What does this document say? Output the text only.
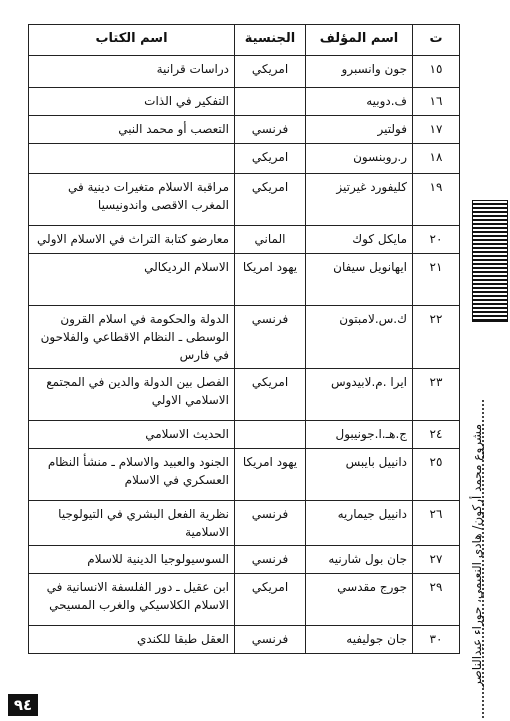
ت	اسم المؤلف	الجنسية	اسم الكتاب
١٥	جون وانسبرو	امريكي	دراسات قرانية
١٦	ف.دوبيه		التفكير في الذات
١٧	فولتير	فرنسي	التعصب أو محمد النبي
١٨	ر.روبنسون	امريكي	
١٩	كليفورد غيرتيز	امريكي	مراقبة الاسلام متغيرات دينية في المغرب الاقصى واندونيسيا
٢٠	مايكل كوك	الماني	معارضو كتابة التراث في الاسلام الاولي
٢١	ايهانويل سيفان	يهود امريكا	الاسلام الرديكالي
٢٢	ك.س.لامبتون	فرنسي	الدولة والحكومة في اسلام القرون الوسطى ـ النظام الاقطاعي والفلاحون في فارس
٢٣	ايرا .م.لابيدوس	امريكي	الفصل بين الدولة والدين في المجتمع الاسلامي الاولي
٢٤	ج.هـ.ا.جونيبول		الحديث الاسلامي
٢٥	دانييل بايبس	يهود امريكا	الجنود والعبيد والاسلام ـ منشأ النظام العسكري في الاسلام
٢٦	دانييل جيماريه	فرنسي	نظرية الفعل البشري في التيولوجيا الاسلامية
٢٧	جان بول شارنيه	فرنسي	السوسيولوجيا الدينية للاسلام
٢٩	جورج مقدسي	امريكي	ابن عقيل ـ دور الفلسفة الانسانية في الاسلام الكلاسيكي والغرب المسيحي
٣٠	جان جوليفيه	فرنسي	العقل طبقا للكندي	مشروع محمد أركون/ هادي النعيمي، حوراء عبدالناصر
٩٤
